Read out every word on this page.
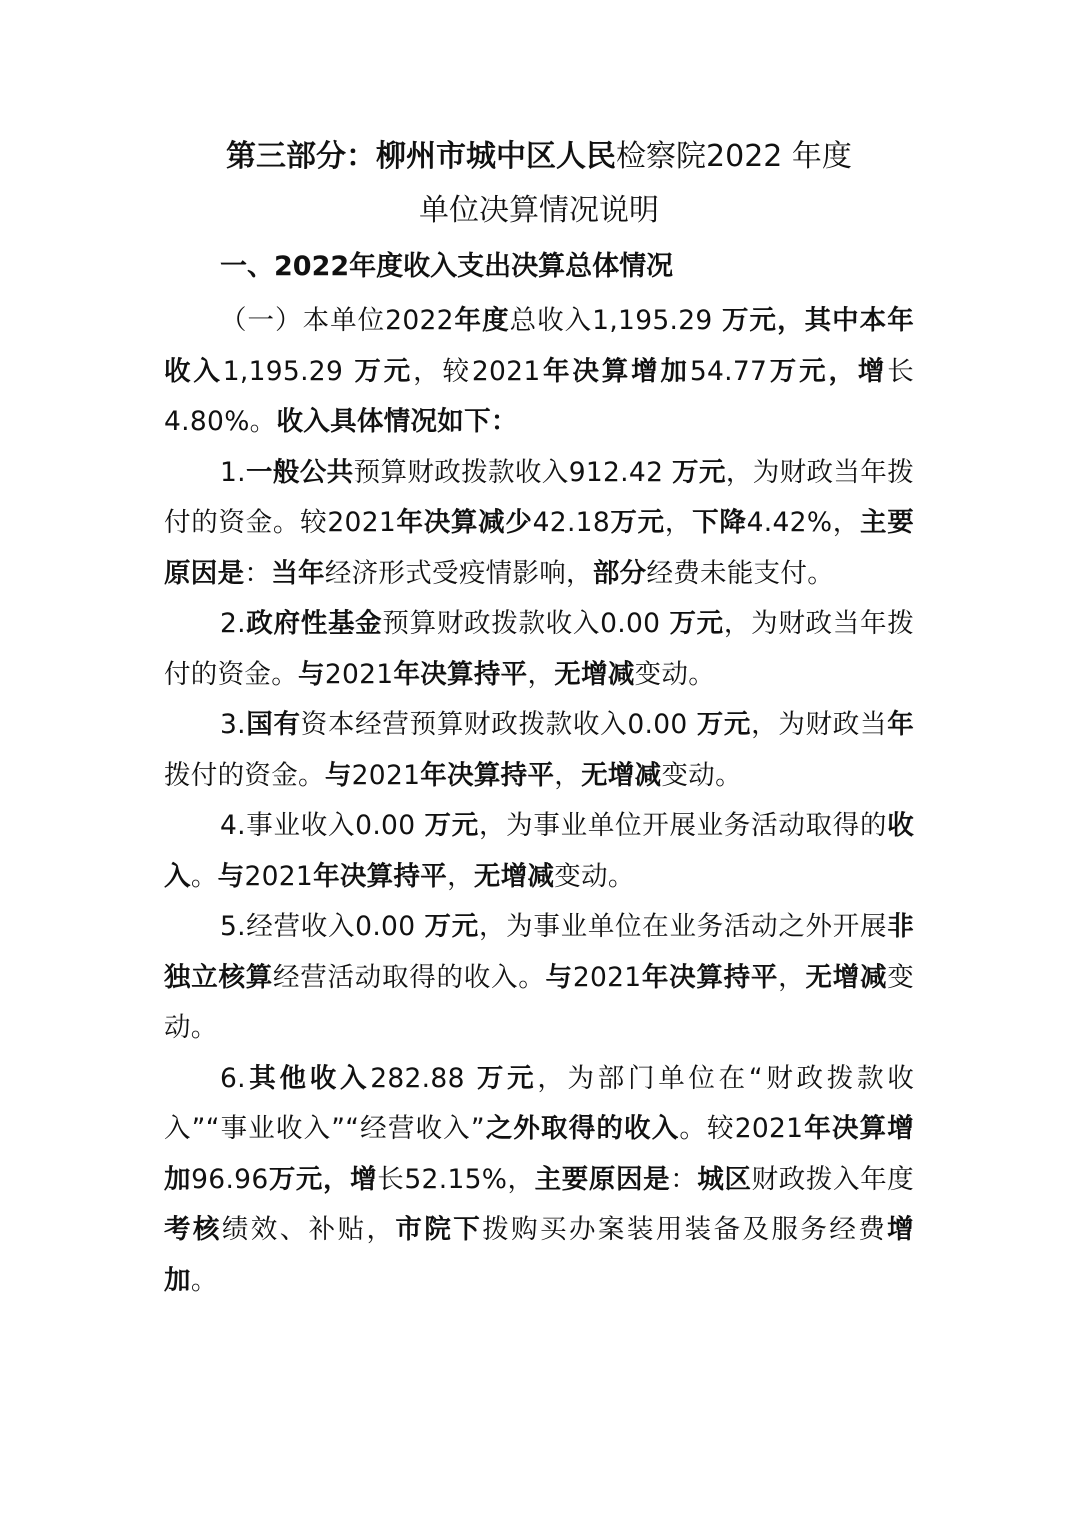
第三部分：柳州市城中区人民检察院2022 年度
单位决算情况说明
一、2022年度收入支出决算总体情况

（一）本单位2022年度总收入1,195.29 万元，其中本年收入1,195.29 万元，较2021年决算增加54.77万元，增长4.80%。收入具体情况如下：

1.一般公共预算财政拨款收入912.42 万元，为财政当年拨付的资金。较2021年决算减少42.18万元，下降4.42%，主要原因是：当年经济形式受疫情影响，部分经费未能支付。

2.政府性基金预算财政拨款收入0.00 万元，为财政当年拨付的资金。与2021年决算持平，无增减变动。

3.国有资本经营预算财政拨款收入0.00 万元，为财政当年拨付的资金。与2021年决算持平，无增减变动。

4.事业收入0.00 万元，为事业单位开展业务活动取得的收入。与2021年决算持平，无增减变动。

5.经营收入0.00 万元，为事业单位在业务活动之外开展非独立核算经营活动取得的收入。与2021年决算持平，无增减变动。

6.其他收入282.88 万元，为部门单位在“财政拨款收入”“事业收入”“经营收入”之外取得的收入。较2021年决算增加96.96万元，增长52.15%，主要原因是：城区财政拨入年度考核绩效、补贴，市院下拨购买办案装用装备及服务经费增加。
